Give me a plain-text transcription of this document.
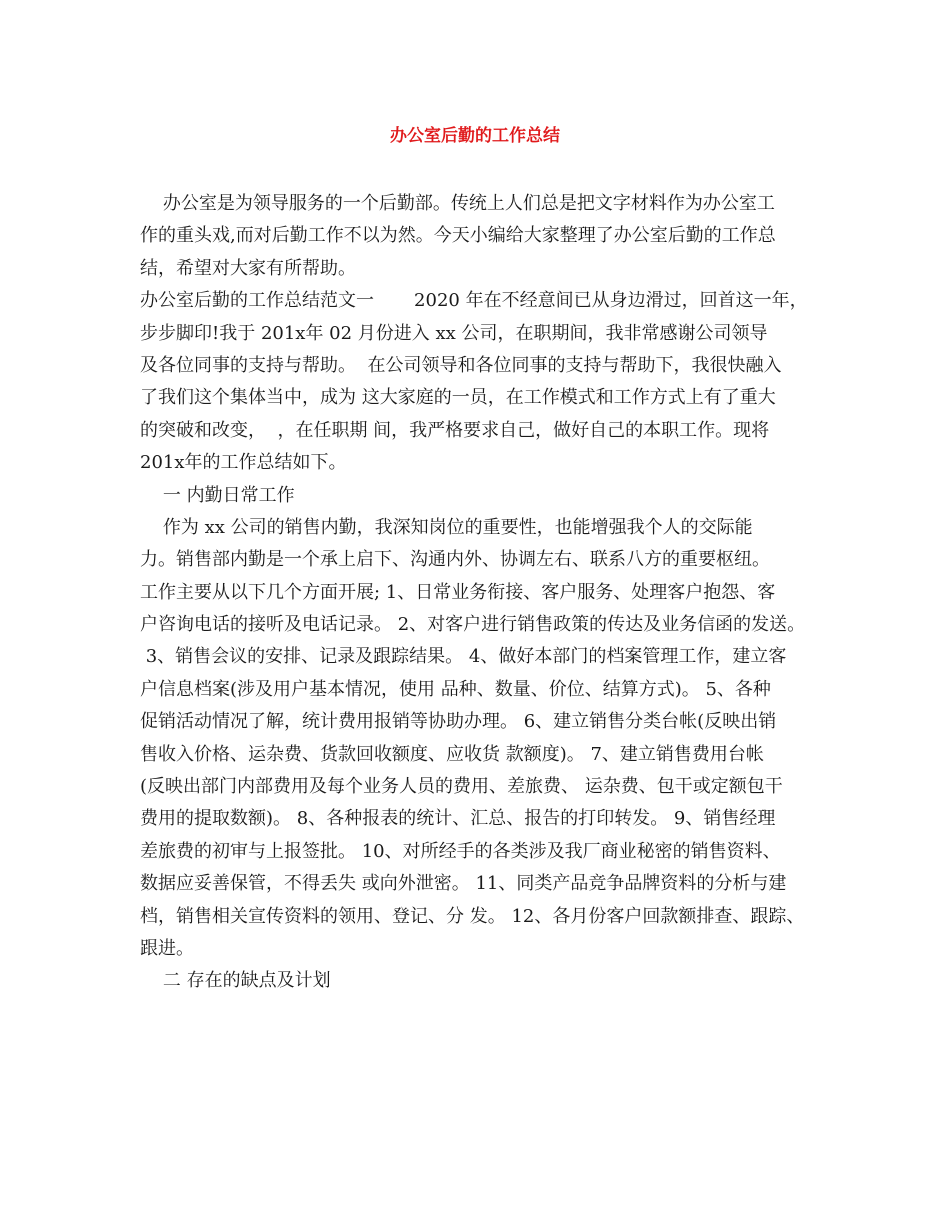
办公室后勤的工作总结
办公室是为领导服务的一个后勤部。传统上人们总是把文字材料作为办公室工
作的重头戏,而对后勤工作不以为然。今天小编给大家整理了办公室后勤的工作总
结，希望对大家有所帮助。
办公室后勤的工作总结范文一       2020 年在不经意间已从身边滑过，回首这一年，
步步脚印!我于 201x年 02 月份进入 xx 公司，在职期间，我非常感谢公司领导
及各位同事的支持与帮助。  在公司领导和各位同事的支持与帮助下，我很快融入
了我们这个集体当中，成为 这大家庭的一员，在工作模式和工作方式上有了重大
的突破和改变，  ，在任职期 间，我严格要求自己，做好自己的本职工作。现将
201x年的工作总结如下。
一 内勤日常工作
作为 xx 公司的销售内勤，我深知岗位的重要性，也能增强我个人的交际能
力。销售部内勤是一个承上启下、沟通内外、协调左右、联系八方的重要枢纽。
工作主要从以下几个方面开展; 1、日常业务衔接、客户服务、处理客户抱怨、客
户咨询电话的接听及电话记录。 2、对客户进行销售政策的传达及业务信函的发送。
3、销售会议的安排、记录及跟踪结果。 4、做好本部门的档案管理工作，建立客
户信息档案(涉及用户基本情况，使用 品种、数量、价位、结算方式)。 5、各种
促销活动情况了解，统计费用报销等协助办理。 6、建立销售分类台帐(反映出销
售收入价格、运杂费、货款回收额度、应收货 款额度)。 7、建立销售费用台帐
(反映出部门内部费用及每个业务人员的费用、差旅费、 运杂费、包干或定额包干
费用的提取数额)。 8、各种报表的统计、汇总、报告的打印转发。 9、销售经理
差旅费的初审与上报签批。 10、对所经手的各类涉及我厂商业秘密的销售资料、
数据应妥善保管，不得丢失 或向外泄密。 11、同类产品竞争品牌资料的分析与建
档，销售相关宣传资料的领用、登记、分 发。 12、各月份客户回款额排查、跟踪、
跟进。
二 存在的缺点及计划
